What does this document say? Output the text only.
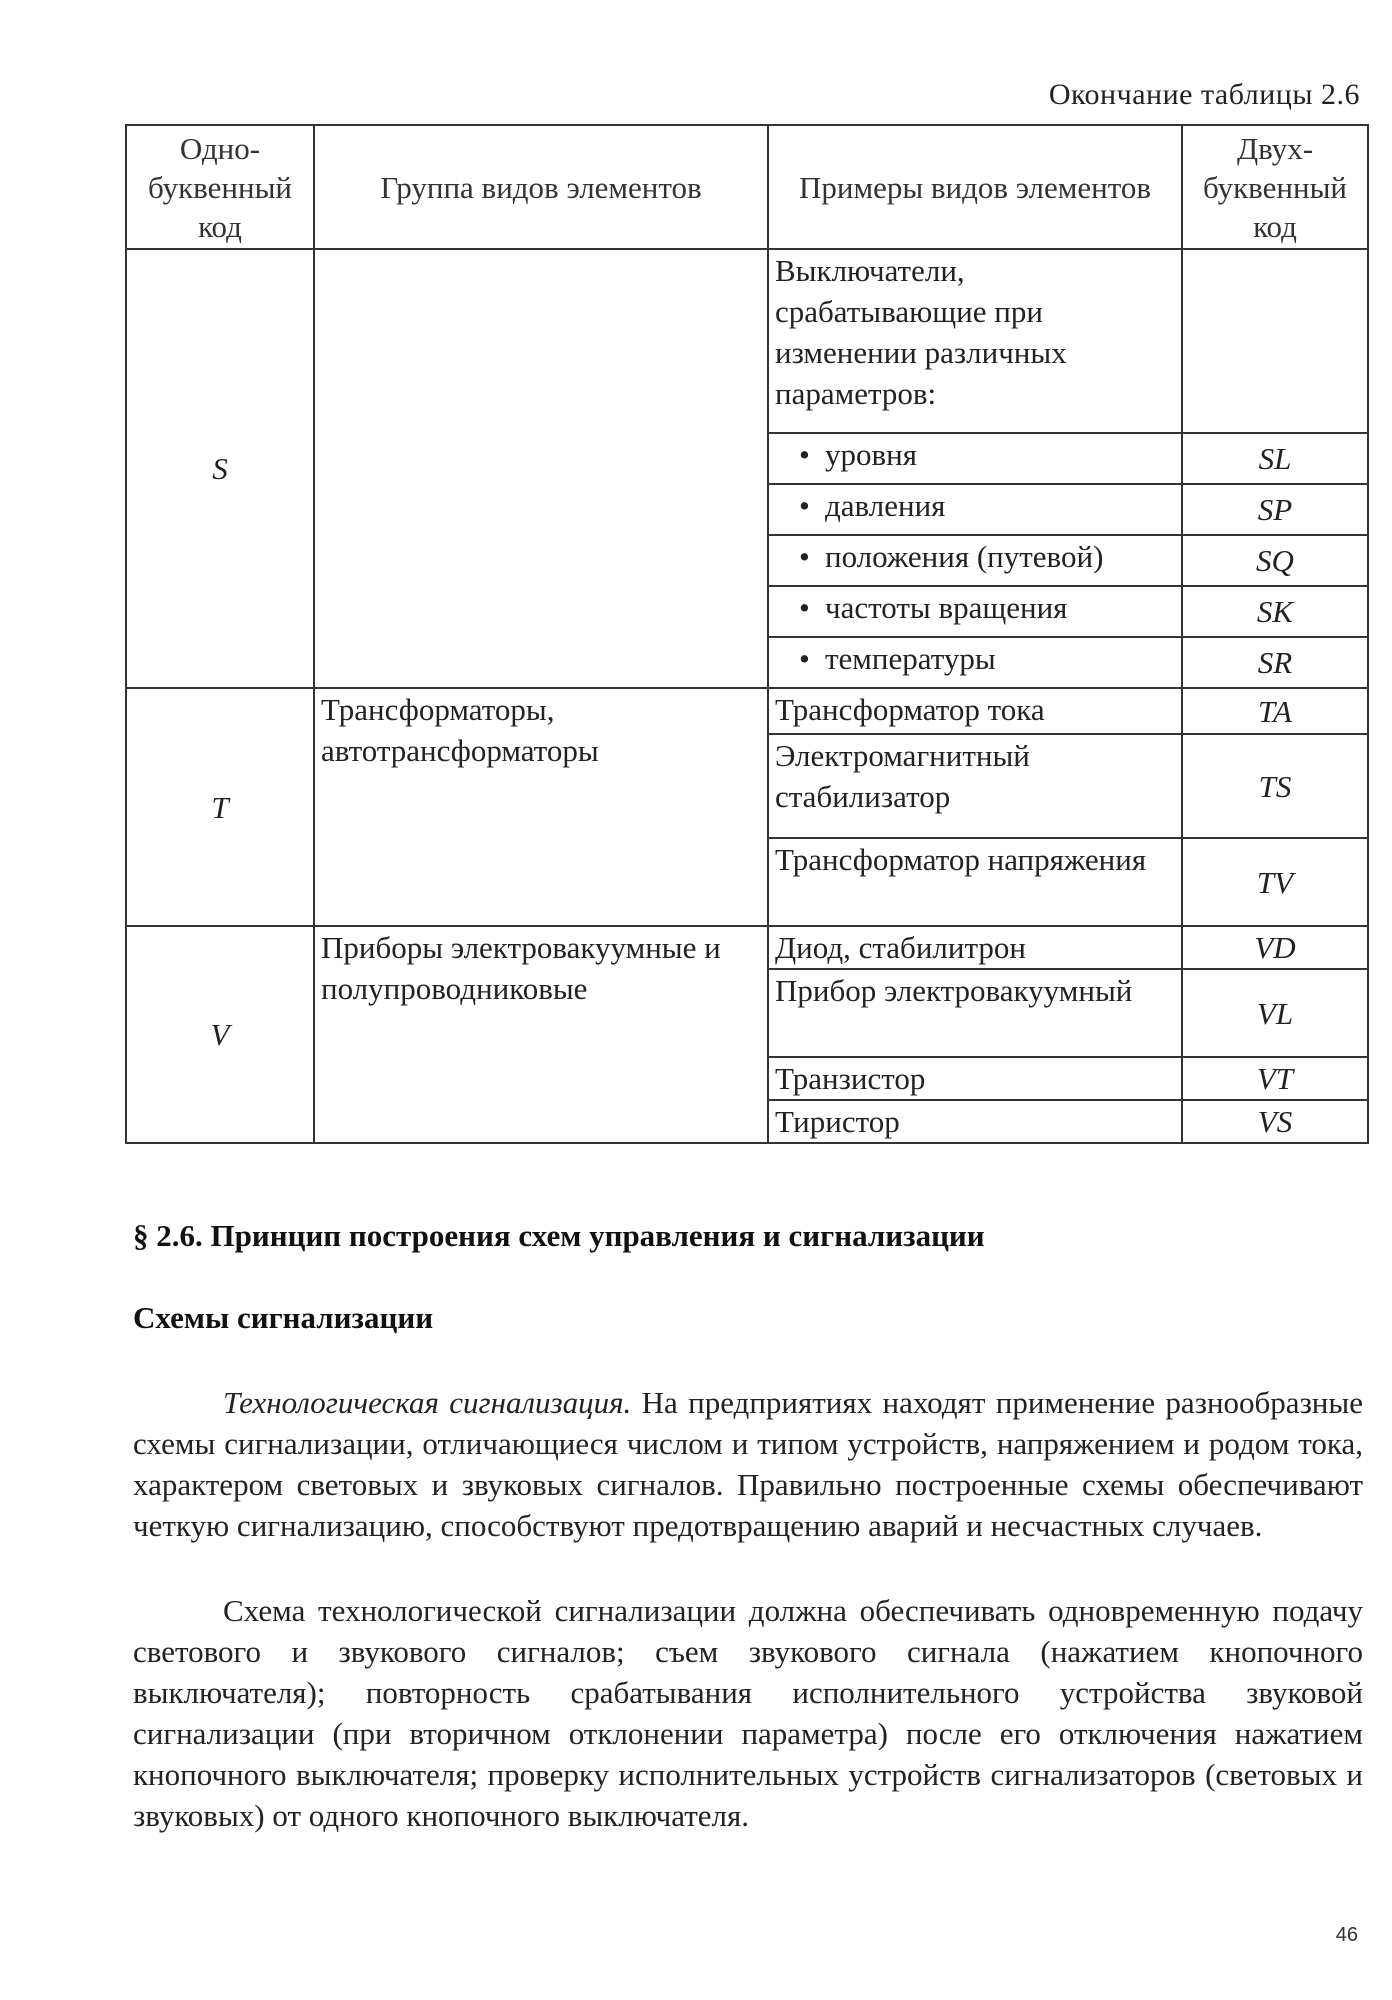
Окончание таблицы 2.6
Одно-буквенный код	Группа видов элементов	Примеры видов элементов	Двух-буквенный код
S		Выключатели, срабатывающие при изменении различных параметров:	
		• уровня	SL
		• давления	SP
		• положения (путевой)	SQ
		• частоты вращения	SK
		• температуры	SR
T	Трансформаторы, автотрансформаторы	Трансформатор тока	TA
		Электромагнитный стабилизатор	TS
		Трансформатор напряжения	TV
V	Приборы электровакуумные и полупроводниковые	Диод, стабилитрон	VD
		Прибор электровакуумный	VL
		Транзистор	VT
		Тиристор	VS
§ 2.6. Принцип построения схем управления и сигнализации
Схемы сигнализации

Технологическая сигнализация. На предприятиях находят применение разнообразные схемы сигнализации, отличающиеся числом и типом устройств, напряжением и родом тока, характером световых и звуковых сигналов. Правильно построенные схемы обеспечивают четкую сигнализацию, способствуют предотвращению аварий и несчастных случаев.

Схема технологической сигнализации должна обеспечивать одновременную подачу светового и звукового сигналов; съем звукового сигнала (нажатием кнопочного выключателя); повторность срабатывания исполнительного устройства звуковой сигнализации (при вторичном отклонении параметра) после его отключения нажатием кнопочного выключателя; проверку исполнительных устройств сигнализаторов (световых и звуковых) от одного кнопочного выключателя.

46
